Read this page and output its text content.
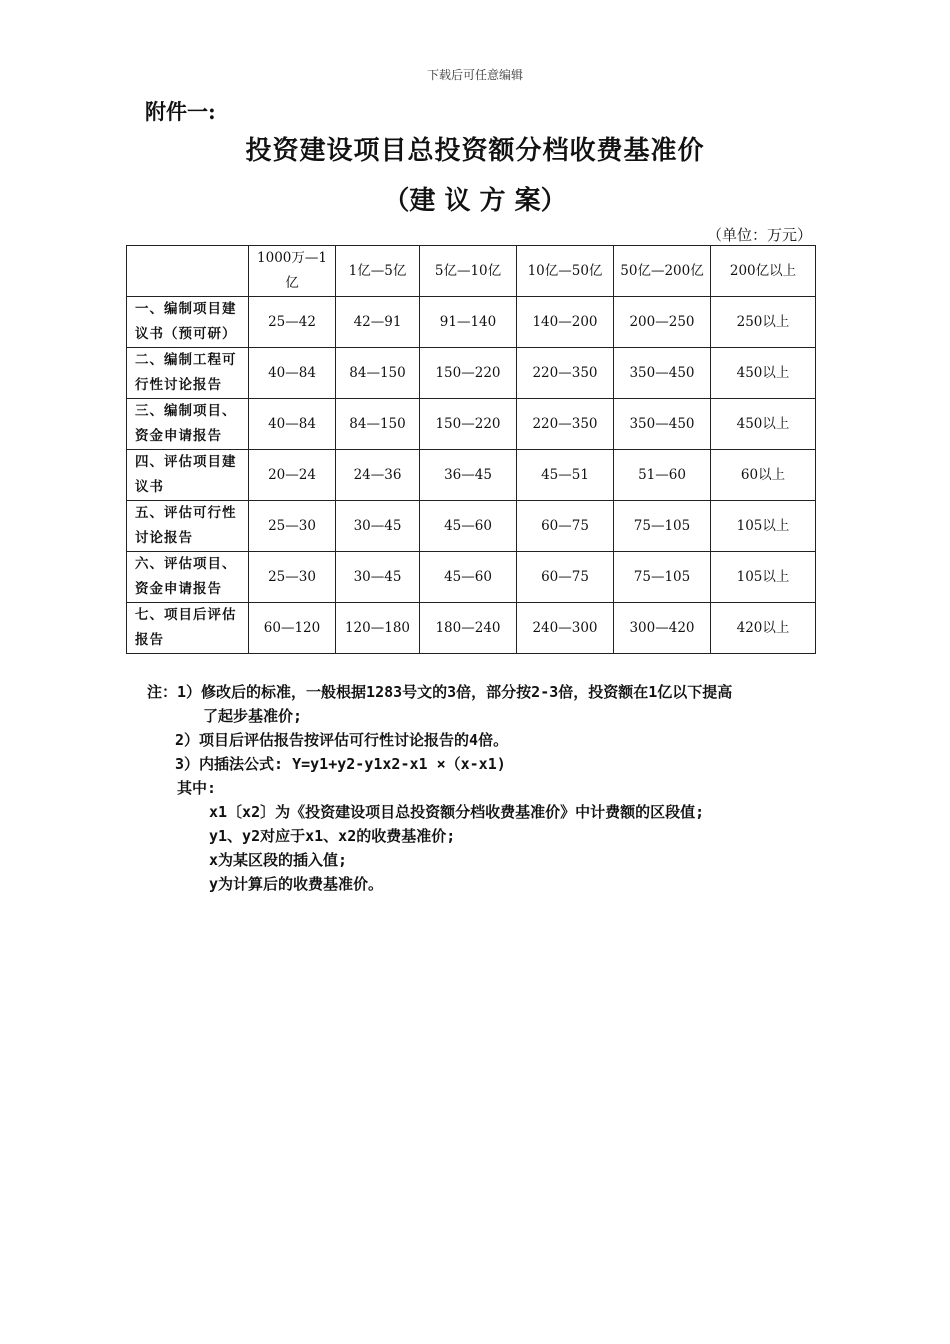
下载后可任意编辑
附件一:
投资建设项目总投资额分档收费基准价
（建 议 方 案）
（单位：万元）
	1000万—1亿	1亿—5亿	5亿—10亿	10亿—50亿	50亿—200亿	200亿以上
一、编制项目建议书（预可研）	25—42	42—91	91—140	140—200	200—250	250以上
二、编制工程可行性讨论报告	40—84	84—150	150—220	220—350	350—450	450以上
三、编制项目、资金申请报告	40—84	84—150	150—220	220—350	350—450	450以上
四、评估项目建议书	20—24	24—36	36—45	45—51	51—60	60以上
五、评估可行性讨论报告	25—30	30—45	45—60	60—75	75—105	105以上
六、评估项目、资金申请报告	25—30	30—45	45—60	60—75	75—105	105以上
七、项目后评估报告	60—120	120—180	180—240	240—300	300—420	420以上
注：1）修改后的标准，一般根据1283号文的3倍，部分按2-3倍，投资额在1亿以下提高
了起步基准价;
2）项目后评估报告按评估可行性讨论报告的4倍。
3）内插法公式: Y=y1+y2-y1x2-x1 ×（x-x1)
其中:
x1〔x2〕为《投资建设项目总投资额分档收费基准价》中计费额的区段值;
y1、y2对应于x1、x2的收费基准价;
x为某区段的插入值;
y为计算后的收费基准价。
